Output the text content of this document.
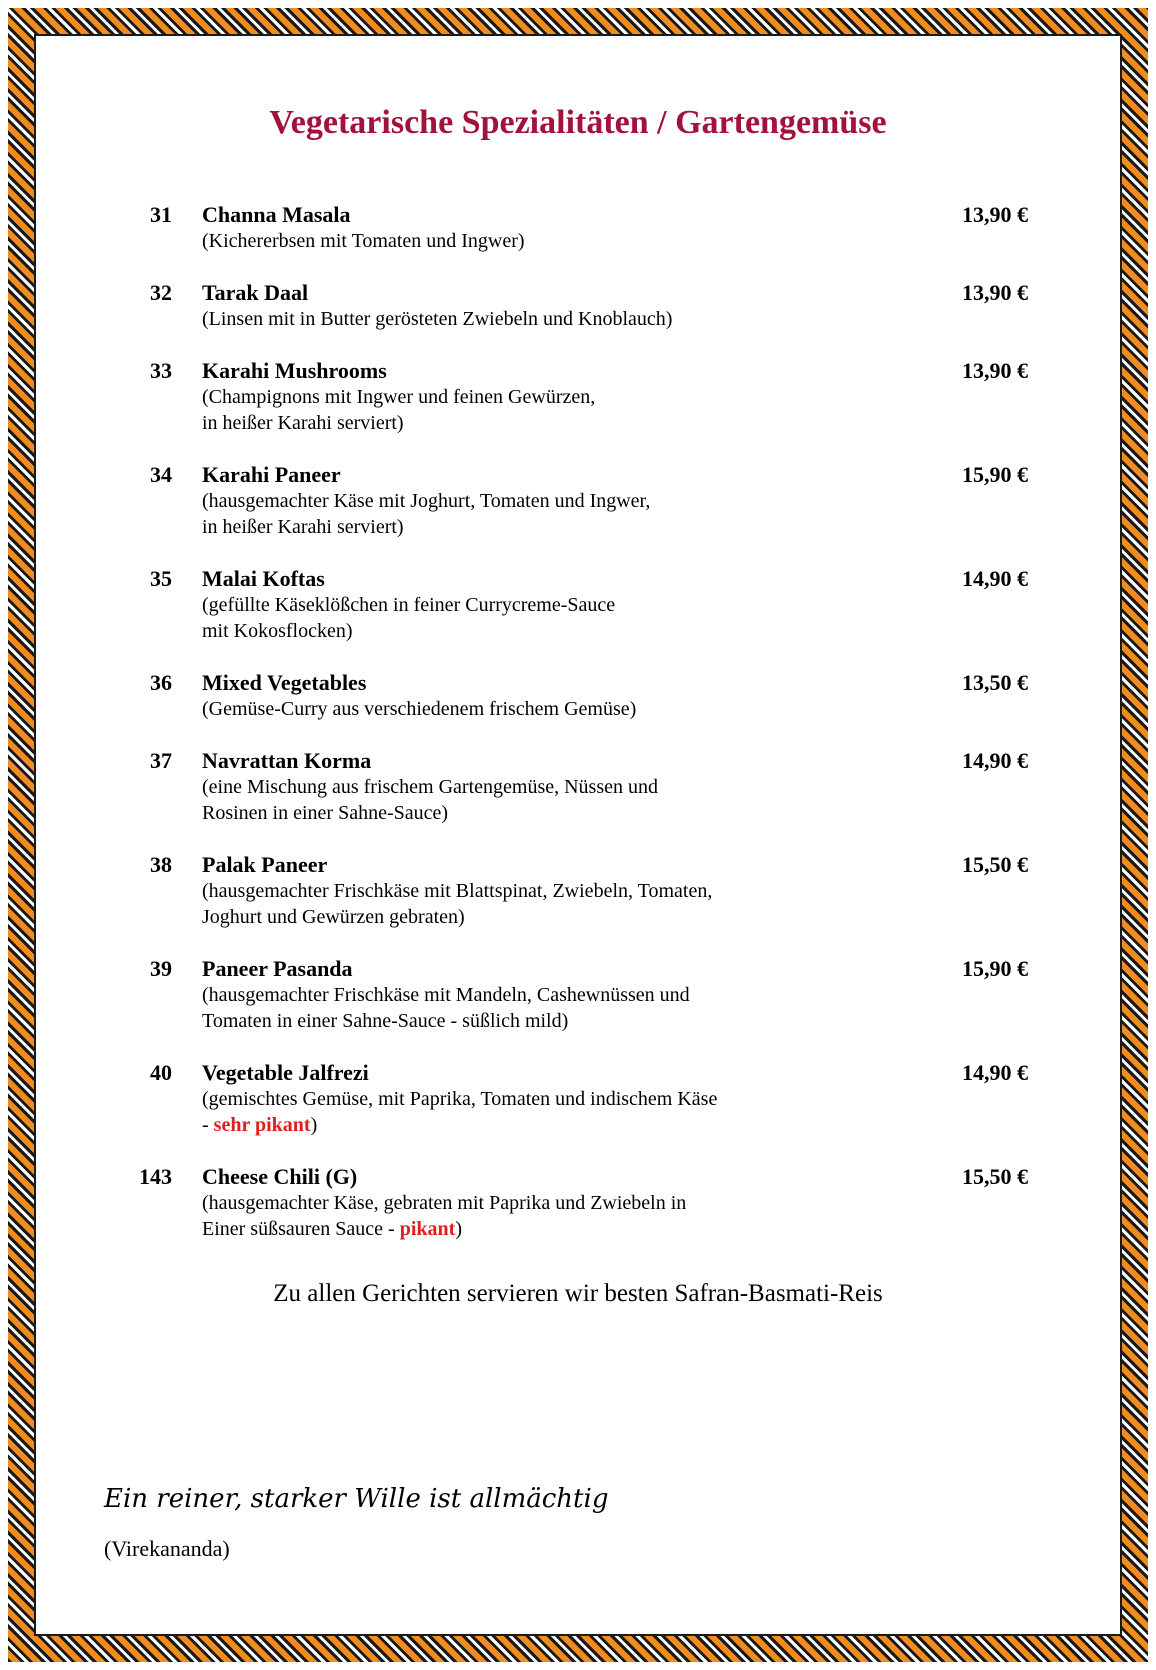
Vegetarische Spezialitäten / Gartengemüse
31 Channa Masala	13,90 €
(Kichererbsen mit Tomaten und Ingwer)
32 Tarak Daal	13,90 €
(Linsen mit in Butter gerösteten Zwiebeln und Knoblauch)
33 Karahi Mushrooms	13,90 €
(Champignons mit Ingwer und feinen Gewürzen,
in heißer Karahi serviert)
34 Karahi Paneer	15,90 €
(hausgemachter Käse mit Joghurt, Tomaten und Ingwer,
in heißer Karahi serviert)
35 Malai Koftas	14,90 €
(gefüllte Käseklößchen in feiner Currycreme-Sauce
mit Kokosflocken)
36 Mixed Vegetables	13,50 €
(Gemüse-Curry aus verschiedenem frischem Gemüse)
37 Navrattan Korma	14,90 €
(eine Mischung aus frischem Gartengemüse, Nüssen und
Rosinen in einer Sahne-Sauce)
38 Palak Paneer	15,50 €
(hausgemachter Frischkäse mit Blattspinat, Zwiebeln, Tomaten,
Joghurt und Gewürzen gebraten)
39 Paneer Pasanda	15,90 €
(hausgemachter Frischkäse mit Mandeln, Cashewnüssen und
Tomaten in einer Sahne-Sauce - süßlich mild)
40 Vegetable Jalfrezi	14,90 €
(gemischtes Gemüse, mit Paprika, Tomaten und indischem Käse
- sehr pikant)
143 Cheese Chili (G)	15,50 €
(hausgemachter Käse, gebraten mit Paprika und Zwiebeln in
Einer süßsauren Sauce - pikant)
Zu allen Gerichten servieren wir besten Safran-Basmati-Reis
Ein reiner, starker Wille ist allmächtig
(Virekananda)
